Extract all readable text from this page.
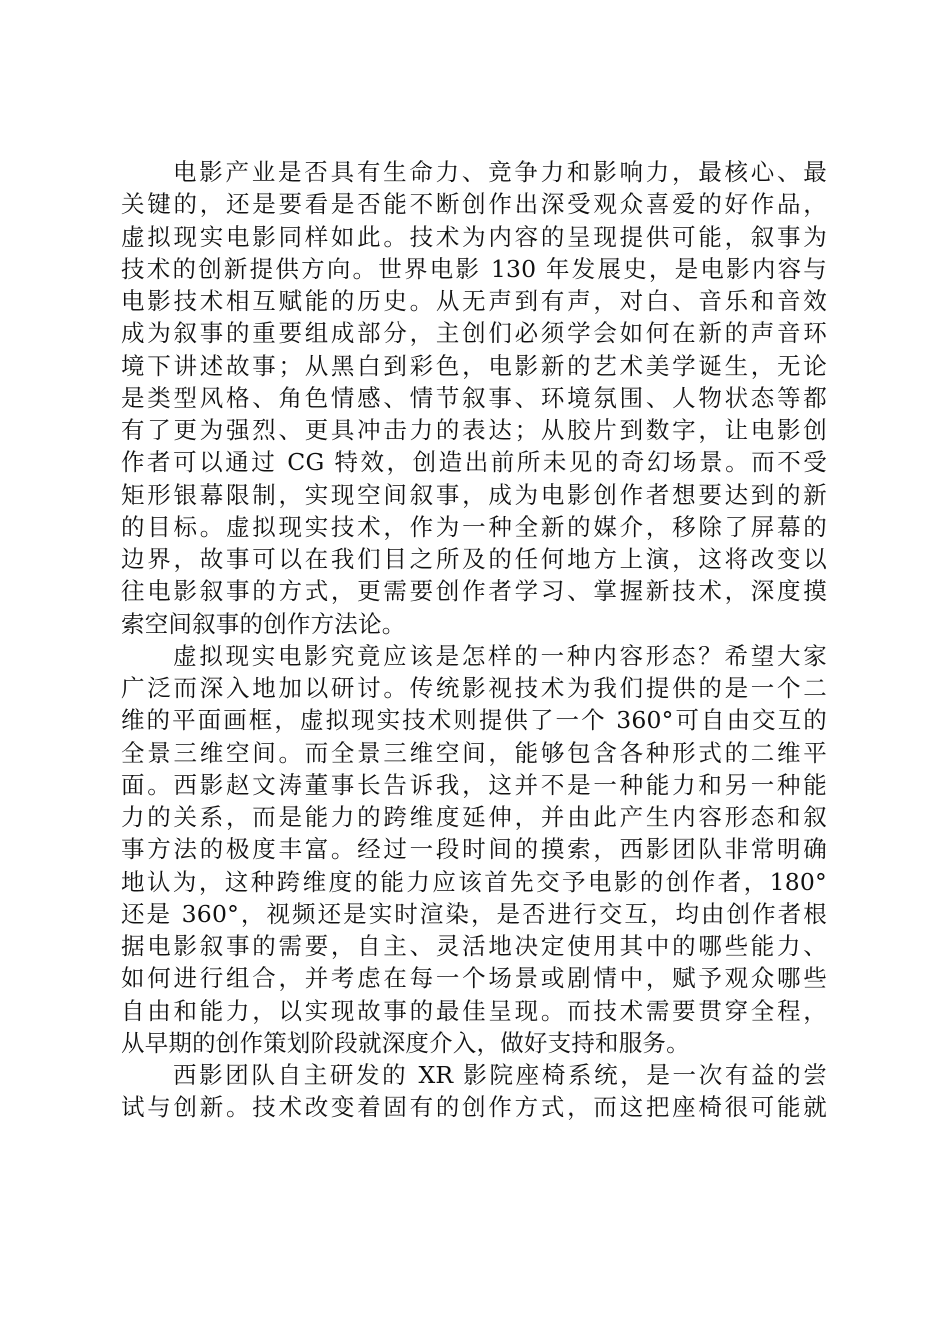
电影产业是否具有生命力、竞争力和影响力，最核心、最
关键的，还是要看是否能不断创作出深受观众喜爱的好作品，
虚拟现实电影同样如此。技术为内容的呈现提供可能，叙事为
技术的创新提供方向。世界电影 130 年发展史，是电影内容与
电影技术相互赋能的历史。从无声到有声，对白、音乐和音效
成为叙事的重要组成部分，主创们必须学会如何在新的声音环
境下讲述故事；从黑白到彩色，电影新的艺术美学诞生，无论
是类型风格、角色情感、情节叙事、环境氛围、人物状态等都
有了更为强烈、更具冲击力的表达；从胶片到数字，让电影创
作者可以通过 CG 特效，创造出前所未见的奇幻场景。而不受
矩形银幕限制，实现空间叙事，成为电影创作者想要达到的新
的目标。虚拟现实技术，作为一种全新的媒介，移除了屏幕的
边界，故事可以在我们目之所及的任何地方上演，这将改变以
往电影叙事的方式，更需要创作者学习、掌握新技术，深度摸
索空间叙事的创作方法论。
虚拟现实电影究竟应该是怎样的一种内容形态？希望大家
广泛而深入地加以研讨。传统影视技术为我们提供的是一个二
维的平面画框，虚拟现实技术则提供了一个 360°可自由交互的
全景三维空间。而全景三维空间，能够包含各种形式的二维平
面。西影赵文涛董事长告诉我，这并不是一种能力和另一种能
力的关系，而是能力的跨维度延伸，并由此产生内容形态和叙
事方法的极度丰富。经过一段时间的摸索，西影团队非常明确
地认为，这种跨维度的能力应该首先交予电影的创作者，180°
还是 360°，视频还是实时渲染，是否进行交互，均由创作者根
据电影叙事的需要，自主、灵活地决定使用其中的哪些能力、
如何进行组合，并考虑在每一个场景或剧情中，赋予观众哪些
自由和能力，以实现故事的最佳呈现。而技术需要贯穿全程，
从早期的创作策划阶段就深度介入，做好支持和服务。
西影团队自主研发的 XR 影院座椅系统，是一次有益的尝
试与创新。技术改变着固有的创作方式，而这把座椅很可能就
